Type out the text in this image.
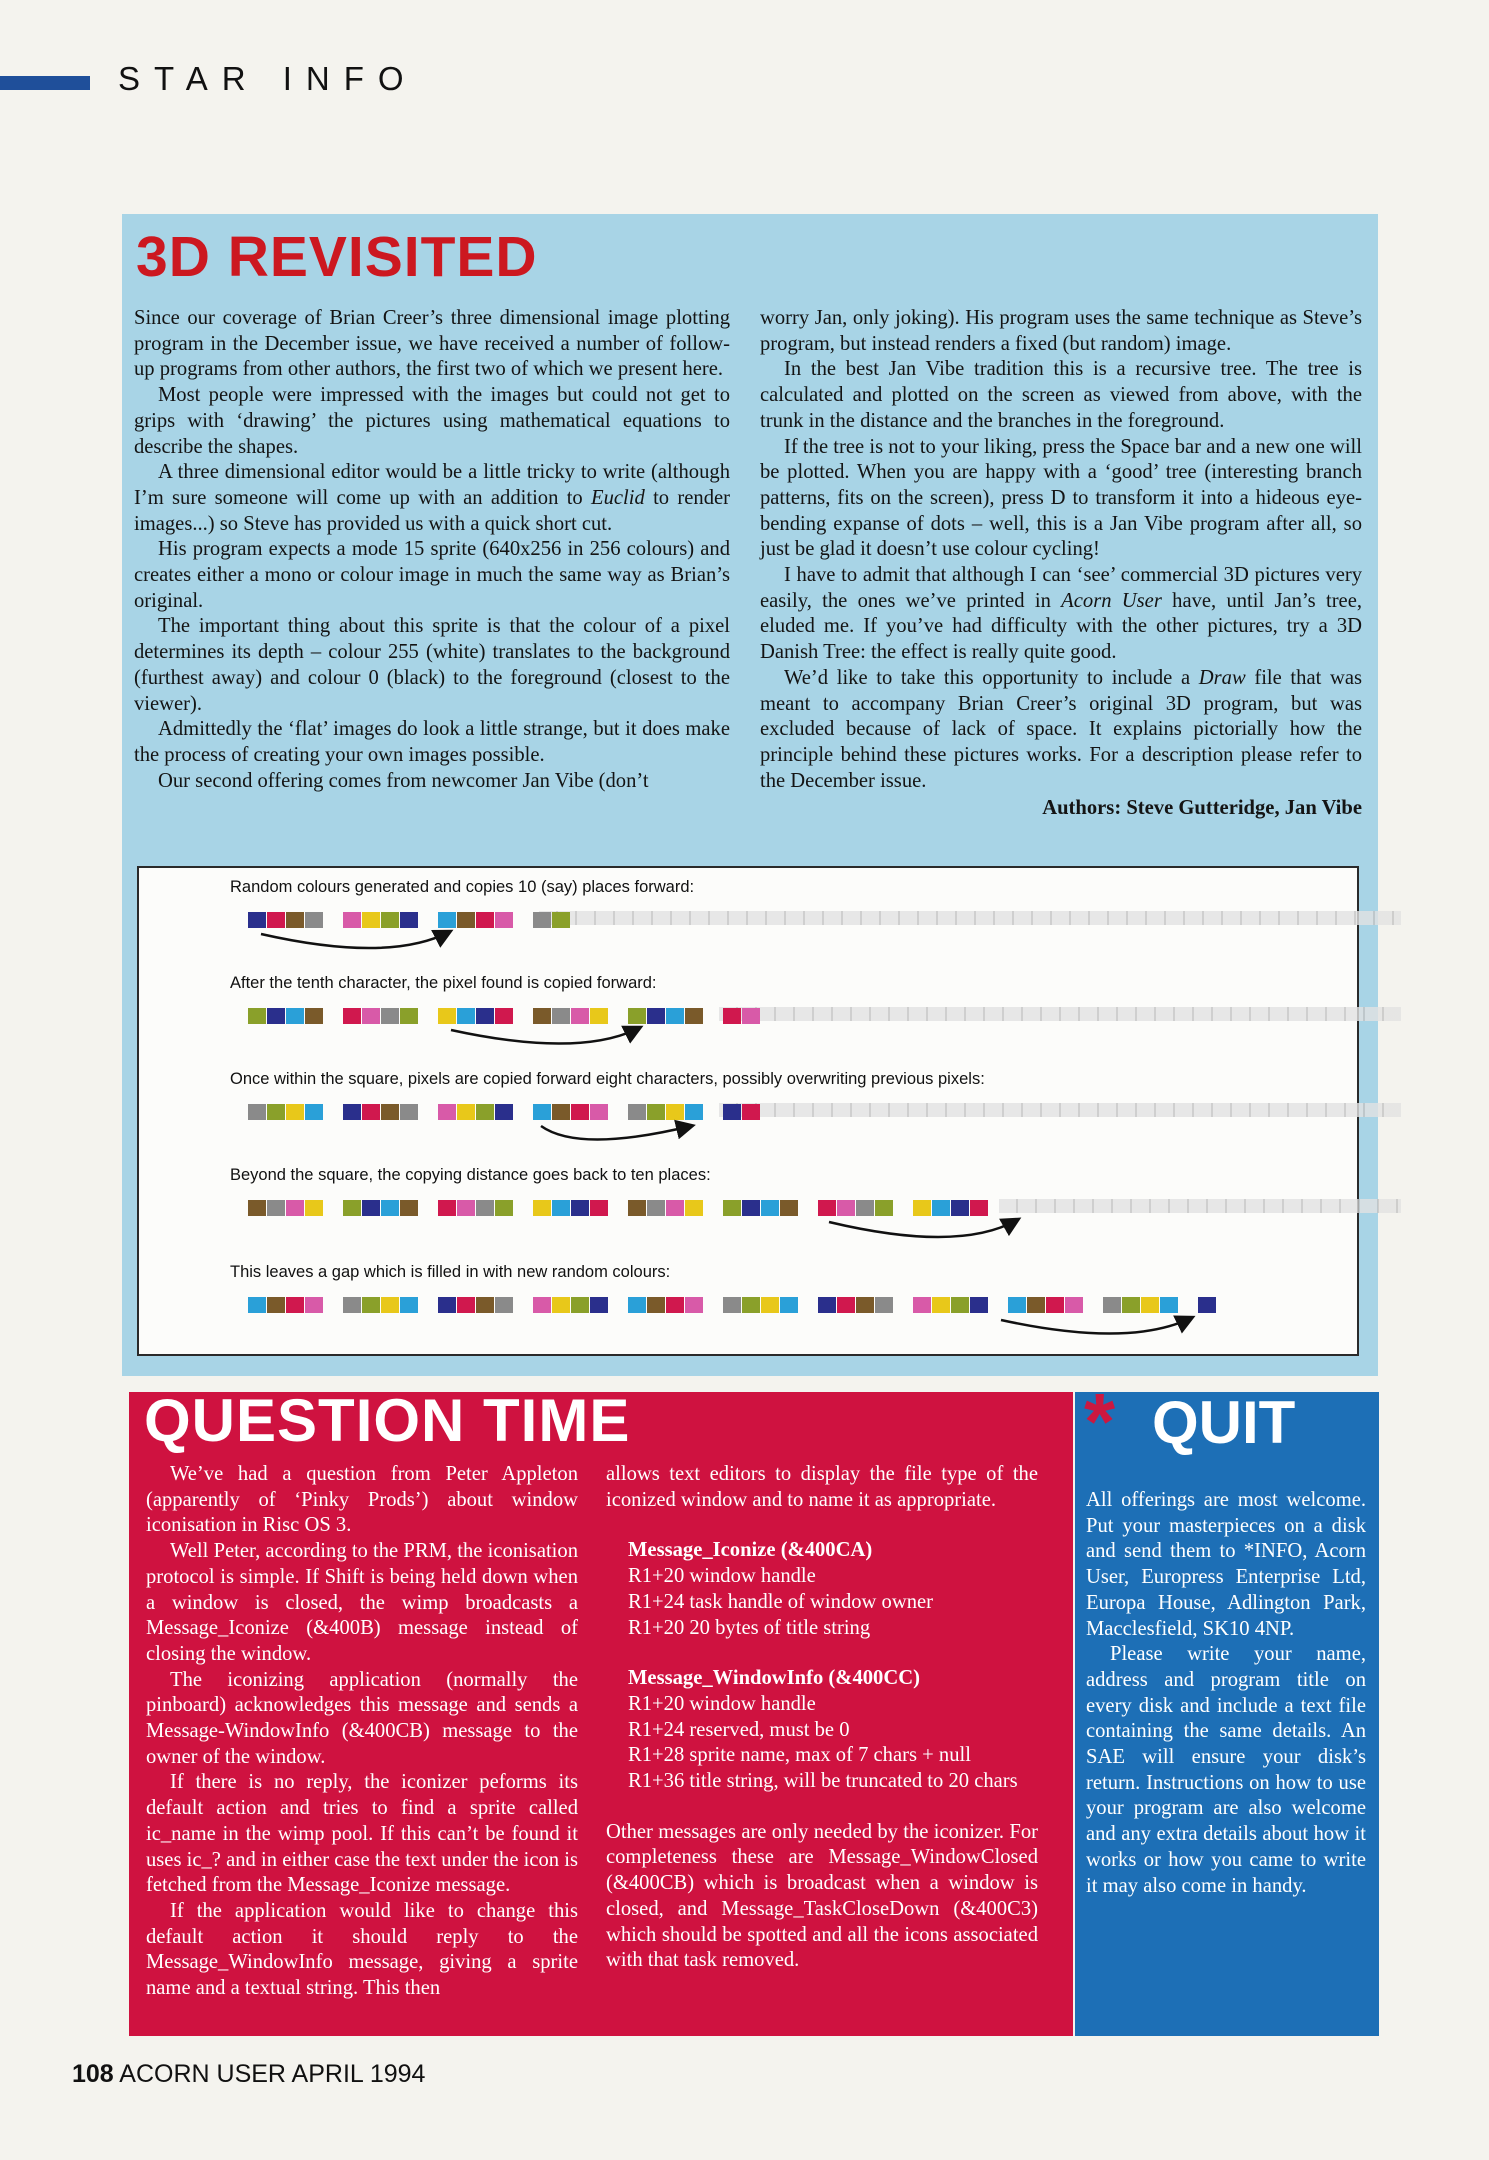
STAR INFO
3D REVISITED

Since our coverage of Brian Creer’s three dimensional image plotting program in the December issue, we have received a number of follow-up programs from other authors, the first two of which we present here.

Most people were impressed with the images but could not get to grips with ‘drawing’ the pictures using mathematical equations to describe the shapes.

A three dimensional editor would be a little tricky to write (although I’m sure someone will come up with an addition to Euclid to render images...) so Steve has provided us with a quick short cut.

His program expects a mode 15 sprite (640x256 in 256 colours) and creates either a mono or colour image in much the same way as Brian’s original.

The important thing about this sprite is that the colour of a pixel determines its depth – colour 255 (white) translates to the background (furthest away) and colour 0 (black) to the foreground (closest to the viewer).

Admittedly the ‘flat’ images do look a little strange, but it does make the process of creating your own images possible.

Our second offering comes from newcomer Jan Vibe (don’t

worry Jan, only joking). His program uses the same technique as Steve’s program, but instead renders a fixed (but random) image.

In the best Jan Vibe tradition this is a recursive tree. The tree is calculated and plotted on the screen as viewed from above, with the trunk in the distance and the branches in the foreground.

If the tree is not to your liking, press the Space bar and a new one will be plotted. When you are happy with a ‘good’ tree (interesting branch patterns, fits on the screen), press D to transform it into a hideous eye-bending expanse of dots – well, this is a Jan Vibe program after all, so just be glad it doesn’t use colour cycling!

I have to admit that although I can ‘see’ commercial 3D pictures very easily, the ones we’ve printed in Acorn User have, until Jan’s tree, eluded me. If you’ve had difficulty with the other pictures, try a 3D Danish Tree: the effect is really quite good.

We’d like to take this opportunity to include a Draw file that was meant to accompany Brian Creer’s original 3D program, but was excluded because of lack of space. It explains pictorially how the principle behind these pictures works. For a description please refer to the December issue.

Authors: Steve Gutteridge, Jan Vibe
Random colours generated and copies 10 (say) places forward:
After the tenth character, the pixel found is copied forward:
Once within the square, pixels are copied forward eight characters, possibly overwriting previous pixels:
Beyond the square, the copying distance goes back to ten places:
This leaves a gap which is filled in with new random colours:
QUESTION TIME

We’ve had a question from Peter Appleton (apparently of ‘Pinky Prods’) about window iconisation in Risc OS 3.

Well Peter, according to the PRM, the iconisation protocol is simple. If Shift is being held down when a window is closed, the wimp broadcasts a Message_Iconize (&400B) message instead of closing the window.

The iconizing application (normally the pinboard) acknowledges this message and sends a Message-WindowInfo (&400CB) message to the owner of the window.

If there is no reply, the iconizer peforms its default action and tries to find a sprite called ic_name in the wimp pool. If this can’t be found it uses ic_? and in either case the text under the icon is fetched from the Message_Iconize message.

If the application would like to change this default action it should reply to the Message_WindowInfo message, giving a sprite name and a textual string. This then

allows text editors to display the file type of the iconized window and to name it as appropriate.

Message_Iconize (&400CA)

R1+20 window handle

R1+24 task handle of window owner

R1+20 20 bytes of title string

Message_WindowInfo (&400CC)

R1+20 window handle

R1+24 reserved, must be 0

R1+28 sprite name, max of 7 chars + null

R1+36 title string, will be truncated to 20 chars

Other messages are only needed by the iconizer. For completeness these are Message_WindowClosed (&400CB) which is broadcast when a window is closed, and Message_TaskCloseDown (&400C3) which should be spotted and all the icons associated with that task removed.

* QUIT

All offerings are most welcome. Put your masterpieces on a disk and send them to *INFO, Acorn User, Europress Enterprise Ltd, Europa House, Adlington Park, Macclesfield, SK10 4NP.

Please write your name, address and program title on every disk and include a text file containing the same details. An SAE will ensure your disk’s return. Instructions on how to use your program are also welcome and any extra details about how it works or how you came to write it may also come in handy.

108 ACORN USER APRIL 1994
